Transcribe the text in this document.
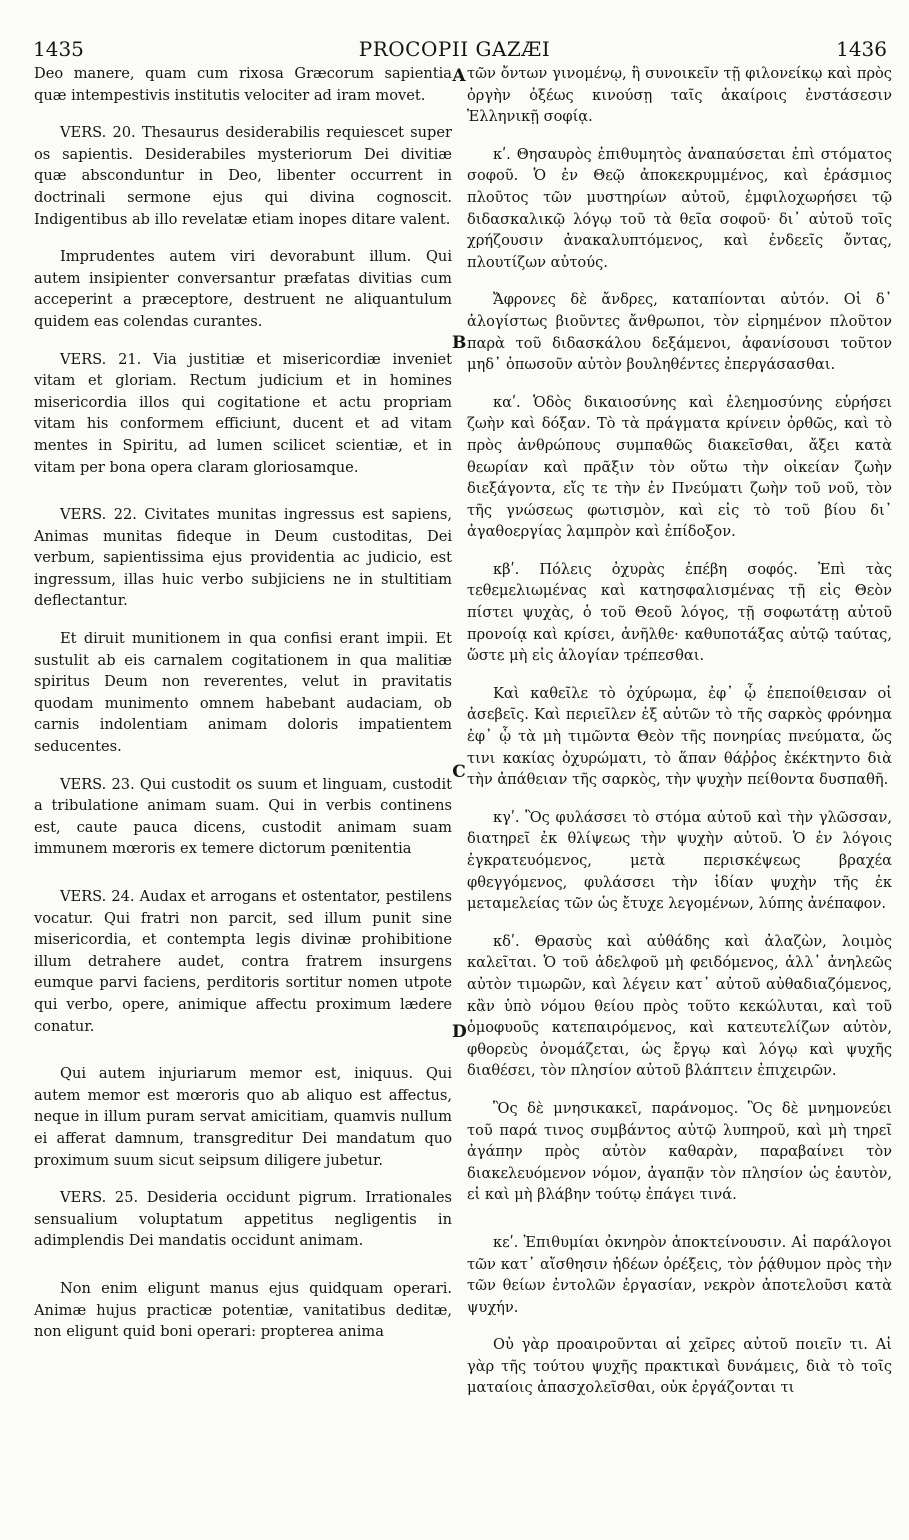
1435	PROCOPII GAZÆI	1436
A
B
C
D

Deo manere, quam cum rixosa Græcorum sapientia quæ intempestivis institutis velociter ad iram movet.

VERS. 20. Thesaurus desiderabilis requiescet super os sapientis. Desiderabiles mysteriorum Dei divitiæ quæ absconduntur in Deo, libenter occurrent in doctrinali sermone ejus qui divina cognoscit. Indigentibus ab illo revelatæ etiam inopes ditare valent.

Imprudentes autem viri devorabunt illum. Qui autem insipienter conversantur præfatas divitias cum acceperint a præceptore, destruent ne aliquantulum quidem eas colendas curantes.

VERS. 21. Via justitiæ et misericordiæ inveniet vitam et gloriam. Rectum judicium et in homines misericordia illos qui cogitatione et actu propriam vitam his conformem efficiunt, ducent et ad vitam mentes in Spiritu, ad lumen scilicet scientiæ, et in vitam per bona opera claram gloriosamque.

VERS. 22. Civitates munitas ingressus est sapiens, Animas munitas fideque in Deum custoditas, Dei verbum, sapientissima ejus providentia ac judicio, est ingressum, illas huic verbo subjiciens ne in stultitiam deflectantur.

Et diruit munitionem in qua confisi erant impii. Et sustulit ab eis carnalem cogitationem in qua malitiæ spiritus Deum non reverentes, velut in pravitatis quodam munimento omnem habebant audaciam, ob carnis indolentiam animam doloris impatientem seducentes.

VERS. 23. Qui custodit os suum et linguam, custodit a tribulatione animam suam. Qui in verbis continens est, caute pauca dicens, custodit animam suam immunem mœroris ex temere dictorum pœnitentia

VERS. 24. Audax et arrogans et ostentator, pestilens vocatur. Qui fratri non parcit, sed illum punit sine misericordia, et contempta legis divinæ prohibitione illum detrahere audet, contra fratrem insurgens eumque parvi faciens, perditoris sortitur nomen utpote qui verbo, opere, animique affectu proximum lædere conatur.

Qui autem injuriarum memor est, iniquus. Qui autem memor est mœroris quo ab aliquo est affectus, neque in illum puram servat amicitiam, quamvis nullum ei afferat damnum, transgreditur Dei mandatum quo proximum suum sicut seipsum diligere jubetur.

VERS. 25. Desideria occidunt pigrum. Irrationales sensualium voluptatum appetitus negligentis in adimplendis Dei mandatis occidunt animam.

Non enim eligunt manus ejus quidquam operari. Animæ hujus practicæ potentiæ, vanitatibus deditæ, non eligunt quid boni operari: propterea anima

τῶν ὄντων γινομένῳ, ἢ συνοικεῖν τῇ φιλονείκῳ καὶ πρὸς ὀργὴν ὀξέως κινούσῃ ταῖς ἀκαίροις ἐνστάσεσιν Ἑλληνικῇ σοφίᾳ.

κʹ. Θησαυρὸς ἐπιθυμητὸς ἀναπαύσεται ἐπὶ στόματος σοφοῦ. Ὁ ἐν Θεῷ ἀποκεκρυμμένος, καὶ ἐράσμιος πλοῦτος τῶν μυστηρίων αὐτοῦ, ἐμφιλοχωρήσει τῷ διδασκαλικῷ λόγῳ τοῦ τὰ θεῖα σοφοῦ· δι᾽ αὐτοῦ τοῖς χρήζουσιν ἀνακαλυπτόμενος, καὶ ἐνδεεῖς ὄντας, πλουτίζων αὐτούς.

Ἄφρονες δὲ ἄνδρες, καταπίονται αὐτόν. Οἱ δ᾽ ἀλογίστως βιοῦντες ἄνθρωποι, τὸν εἰρημένον πλοῦτον παρὰ τοῦ διδασκάλου δεξάμενοι, ἀφανίσουσι τοῦτον μηδ᾽ ὁπωσοῦν αὐτὸν βουληθέντες ἐπεργάσασθαι.

καʹ. Ὁδὸς δικαιοσύνης καὶ ἐλεημοσύνης εὑρήσει ζωὴν καὶ δόξαν. Τὸ τὰ πράγματα κρίνειν ὀρθῶς, καὶ τὸ πρὸς ἀνθρώπους συμπαθῶς διακεῖσθαι, ἄξει κατὰ θεωρίαν καὶ πρᾶξιν τὸν οὕτω τὴν οἰκείαν ζωὴν διεξάγοντα, εἴς τε τὴν ἐν Πνεύματι ζωὴν τοῦ νοῦ, τὸν τῆς γνώσεως φωτισμὸν, καὶ εἰς τὸ τοῦ βίου δι᾽ ἀγαθοεργίας λαμπρὸν καὶ ἐπίδοξον.

κβʹ. Πόλεις ὀχυρὰς ἐπέβη σοφός. Ἐπὶ τὰς τεθεμελιωμένας καὶ κατησφαλισμένας τῇ εἰς Θεὸν πίστει ψυχὰς, ὁ τοῦ Θεοῦ λόγος, τῇ σοφωτάτῃ αὐτοῦ προνοίᾳ καὶ κρίσει, ἀνῆλθε· καθυποτάξας αὐτῷ ταύτας, ὥστε μὴ εἰς ἀλογίαν τρέπεσθαι.

Καὶ καθεῖλε τὸ ὀχύρωμα, ἐφ᾽ ᾧ ἐπεποίθεισαν οἱ ἀσεβεῖς. Καὶ περιεῖλεν ἐξ αὐτῶν τὸ τῆς σαρκὸς φρόνημα ἐφ᾽ ᾧ τὰ μὴ τιμῶντα Θεὸν τῆς πονηρίας πνεύματα, ὥς τινι κακίας ὀχυρώματι, τὸ ἅπαν θάῤῥος ἐκέκτηντο διὰ τὴν ἀπάθειαν τῆς σαρκὸς, τὴν ψυχὴν πείθοντα δυσπαθῆ.

κγʹ. Ὃς φυλάσσει τὸ στόμα αὐτοῦ καὶ τὴν γλῶσσαν, διατηρεῖ ἐκ θλίψεως τὴν ψυχὴν αὐτοῦ. Ὁ ἐν λόγοις ἐγκρατευόμενος, μετὰ περισκέψεως βραχέα φθεγγόμενος, φυλάσσει τὴν ἰδίαν ψυχὴν τῆς ἐκ μεταμελείας τῶν ὡς ἔτυχε λεγομένων, λύπης ἀνέπαφον.

κδʹ. Θρασὺς καὶ αὐθάδης καὶ ἀλαζὼν, λοιμὸς καλεῖται. Ὁ τοῦ ἀδελφοῦ μὴ φειδόμενος, ἀλλ᾽ ἀνηλεῶς αὐτὸν τιμωρῶν, καὶ λέγειν κατ᾽ αὐτοῦ αὐθαδιαζόμενος, κἂν ὑπὸ νόμου θείου πρὸς τοῦτο κεκώλυται, καὶ τοῦ ὁμοφυοῦς κατεπαιρόμενος, καὶ κατευτελίζων αὐτὸν, φθορεὺς ὀνομάζεται, ὡς ἔργῳ καὶ λόγῳ καὶ ψυχῆς διαθέσει, τὸν πλησίον αὐτοῦ βλάπτειν ἐπιχειρῶν.

Ὃς δὲ μνησικακεῖ, παράνομος. Ὃς δὲ μνημονεύει τοῦ παρά τινος συμβάντος αὐτῷ λυπηροῦ, καὶ μὴ τηρεῖ ἀγάπην πρὸς αὐτὸν καθαρὰν, παραβαίνει τὸν διακελευόμενον νόμον, ἀγαπᾷν τὸν πλησίον ὡς ἑαυτὸν, εἰ καὶ μὴ βλάβην τούτῳ ἐπάγει τινά.

κεʹ. Ἐπιθυμίαι ὀκνηρὸν ἀποκτείνουσιν. Αἱ παράλογοι τῶν κατ᾽ αἴσθησιν ἡδέων ὀρέξεις, τὸν ῥᾴθυμον πρὸς τὴν τῶν θείων ἐντολῶν ἐργασίαν, νεκρὸν ἀποτελοῦσι κατὰ ψυχήν.

Οὐ γὰρ προαιροῦνται αἱ χεῖρες αὐτοῦ ποιεῖν τι. Αἱ γὰρ τῆς τούτου ψυχῆς πρακτικαὶ δυνάμεις, διὰ τὸ τοῖς ματαίοις ἀπασχολεῖσθαι, οὐκ ἐργάζονται τι
